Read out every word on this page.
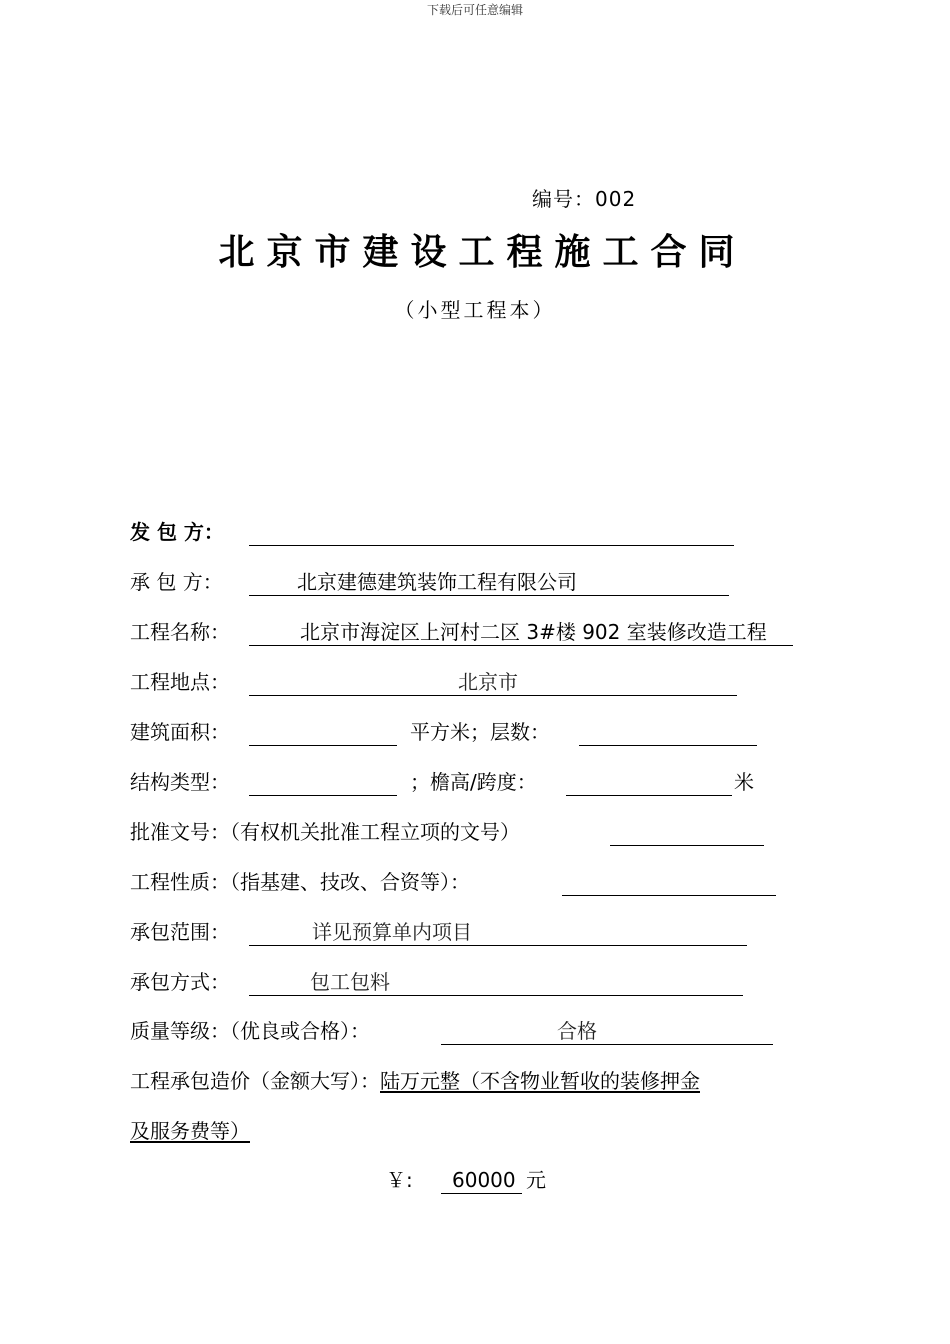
下载后可任意编辑
编号：002
北京市建设工程施工合同
（小型工程本）
发 包 方：
承 包 方：	北京建德建筑装饰工程有限公司
工程名称：	北京市海淀区上河村二区 3#楼 902 室装修改造工程
工程地点：	北京市
建筑面积：	平方米；层数：
结构类型：	；檐高/跨度：	米
批准文号：（有权机关批准工程立项的文号）
工程性质：（指基建、技改、合资等）：
承包范围：	详见预算单内项目
承包方式：	包工包料
质量等级：（优良或合格）：	合格
工程承包造价（金额大写）：陆万元整（不含物业暂收的装修押金
及服务费等）
￥: 60000 元
